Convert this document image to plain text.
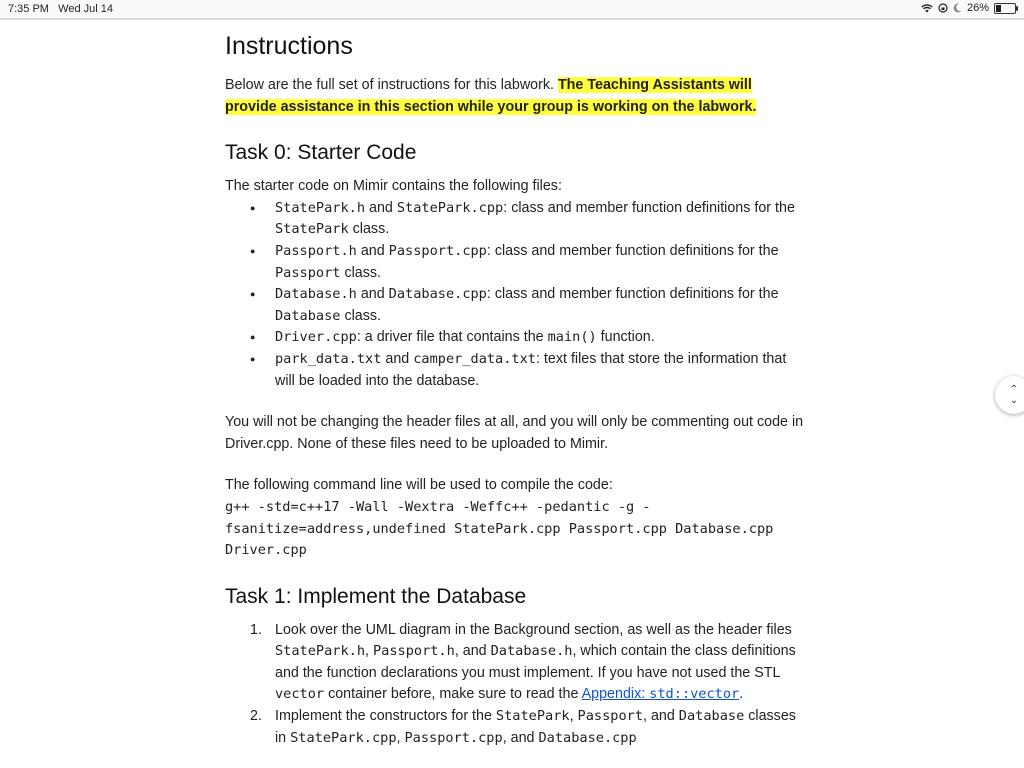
7:35 PM Wed Jul 14	26%
Instructions

Below are the full set of instructions for this labwork. The Teaching Assistants will provide assistance in this section while your group is working on the labwork.

Task 0: Starter Code

The starter code on Mimir contains the following files:

● StatePark.h and StatePark.cpp: class and member function definitions for the StatePark class.
● Passport.h and Passport.cpp: class and member function definitions for the Passport class.
● Database.h and Database.cpp: class and member function definitions for the Database class.
● Driver.cpp: a driver file that contains the main() function.
● park_data.txt and camper_data.txt: text files that store the information that will be loaded into the database.

You will not be changing the header files at all, and you will only be commenting out code in Driver.cpp. None of these files need to be uploaded to Mimir.

The following command line will be used to compile the code:

g++ -std=c++17 -Wall -Wextra -Weffc++ -pedantic -g -fsanitize=address,undefined StatePark.cpp Passport.cpp Database.cpp Driver.cpp
Task 1: Implement the Database
1. Look over the UML diagram in the Background section, as well as the header files StatePark.h, Passport.h, and Database.h, which contain the class definitions and the function declarations you must implement. If you have not used the STL vector container before, make sure to read the Appendix: std::vector.
2. Implement the constructors for the StatePark, Passport, and Database classes in StatePark.cpp, Passport.cpp, and Database.cpp
⌃
⌄
